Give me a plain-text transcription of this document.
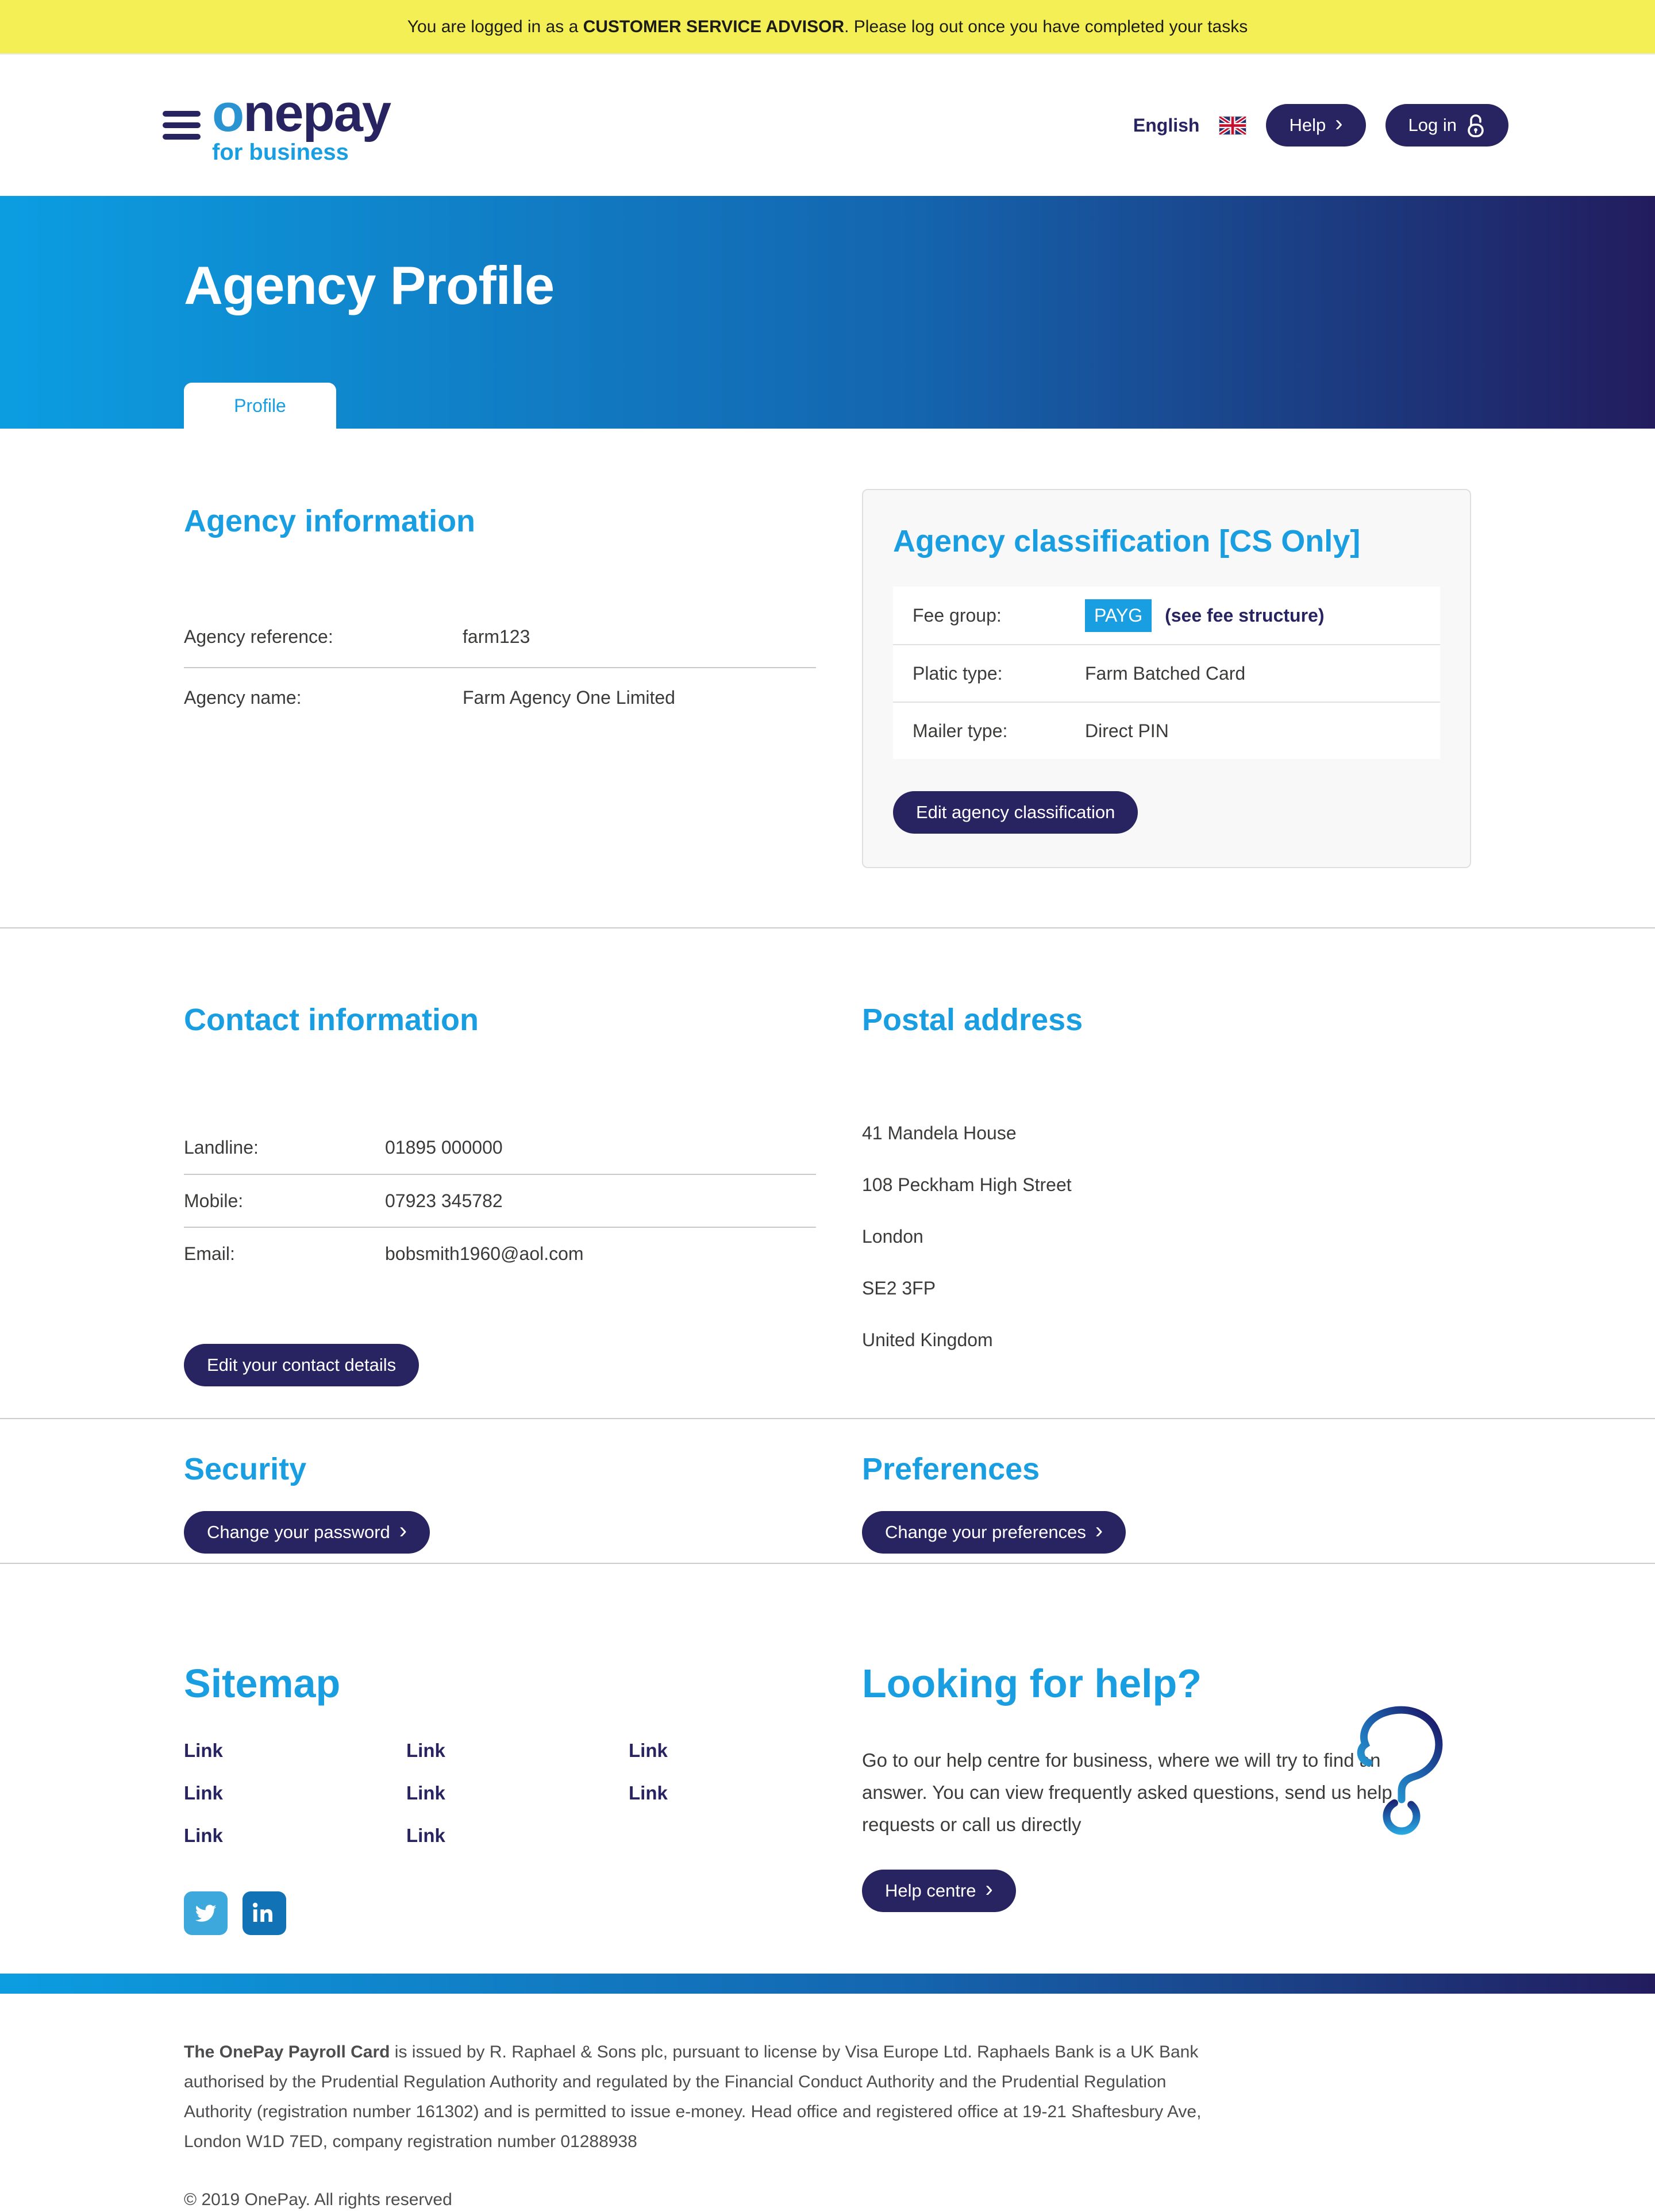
You are logged in as a CUSTOMER SERVICE ADVISOR. Please log out once you have completed your tasks
onepay
for business
English	Help ›	Log in
Agency Profile
Profile
Agency information
Agency reference:	farm123
Agency name:	Farm Agency One Limited
Agency classification [CS Only]
Fee group:	PAYG (see fee structure)
Platic type:	Farm Batched Card
Mailer type:	Direct PIN
Edit agency classification
Contact information
Landline:	01895 000000
Mobile:	07923 345782
Email:	bobsmith1960@aol.com
Edit your contact details
Postal address

41 Mandela House

108 Peckham High Street

London

SE2 3FP

United Kingdom

Security
Change your password ›
Preferences
Change your preferences ›
Sitemap
Link	Link	Link
Link	Link	Link
Link	Link
Looking for help?

Go to our help centre for business, where we will try to find an answer. You can view frequently asked questions, send us help requests or call us directly

Help centre ›

The OnePay Payroll Card is issued by R. Raphael & Sons plc, pursuant to license by Visa Europe Ltd. Raphaels Bank is a UK Bank authorised by the Prudential Regulation Authority and regulated by the Financial Conduct Authority and the Prudential Regulation Authority (registration number 161302) and is permitted to issue e-money. Head office and registered office at 19-21 Shaftesbury Ave, London W1D 7ED, company registration number 01288938

© 2019 OnePay. All rights reserved
